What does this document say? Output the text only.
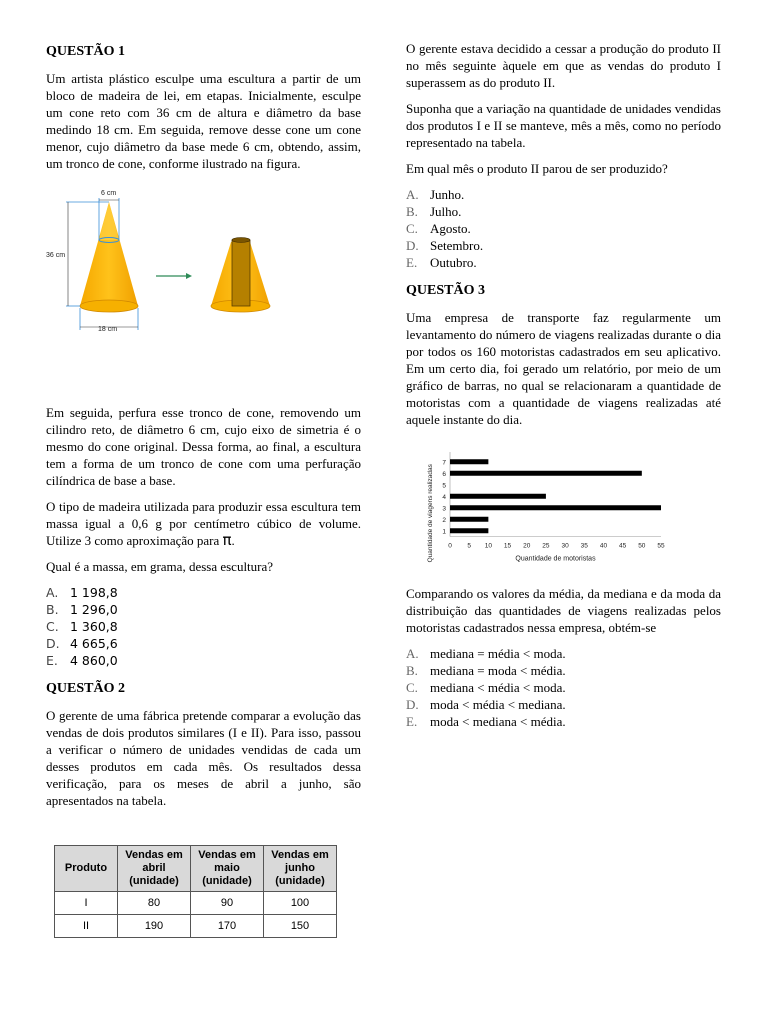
QUESTÃO 1

Um artista plástico esculpe uma escultura a partir de um bloco de madeira de lei, em etapas. Inicialmente, esculpe um cone reto com 36 cm de altura e diâmetro da base medindo 18 cm. Em seguida, remove desse cone um cone menor, cujo diâmetro da base mede 6 cm, obtendo, assim, um tronco de cone, conforme ilustrado na figura.

6 cm
36 cm
18 cm

Em seguida, perfura esse tronco de cone, removendo um cilindro reto, de diâmetro 6 cm, cujo eixo de simetria é o mesmo do cone original. Dessa forma, ao final, a escultura tem a forma de um tronco de cone com uma perfuração cilíndrica de base a base.

O tipo de madeira utilizada para produzir essa escultura tem massa igual a 0,6 g por centímetro cúbico de volume. Utilize 3 como aproximação para π.

Qual é a massa, em grama, dessa escultura?

A. 1 198,8
B. 1 296,0
C. 1 360,8
D. 4 665,6
E. 4 860,0
QUESTÃO 2

O gerente de uma fábrica pretende comparar a evolução das vendas de dois produtos similares (I e II). Para isso, passou a verificar o número de unidades vendidas de cada um desses produtos em cada mês. Os resultados dessa verificação, para os meses de abril a junho, são apresentados na tabela.

Produto	Vendas em abril (unidade)	Vendas em maio (unidade)	Vendas em junho (unidade)
I	80	90	100
II	190	170	150

O gerente estava decidido a cessar a produção do produto II no mês seguinte àquele em que as vendas do produto I superassem as do produto II.

Suponha que a variação na quantidade de unidades vendidas dos produtos I e II se manteve, mês a mês, como no período representado na tabela.

Em qual mês o produto II parou de ser produzido?

A. Junho.
B. Julho.
C. Agosto.
D. Setembro.
E. Outubro.
QUESTÃO 3

Uma empresa de transporte faz regularmente um levantamento do número de viagens realizadas durante o dia por todos os 160 motoristas cadastrados em seu aplicativo. Em um certo dia, foi gerado um relatório, por meio de um gráfico de barras, no qual se relacionaram a quantidade de motoristas com a quantidade de viagens realizadas até aquele instante do dia.

1
2
3
4
5
6
7
0 5 10 15 20 25 30 35 40 45 50 55
Quantidade de motoristas
Quantidade de viagens realizadas

Comparando os valores da média, da mediana e da moda da distribuição das quantidades de viagens realizadas pelos motoristas cadastrados nessa empresa, obtém-se

A. mediana = média < moda.
B. mediana = moda < média.
C. mediana < média < moda.
D. moda < média < mediana.
E. moda < mediana < média.
